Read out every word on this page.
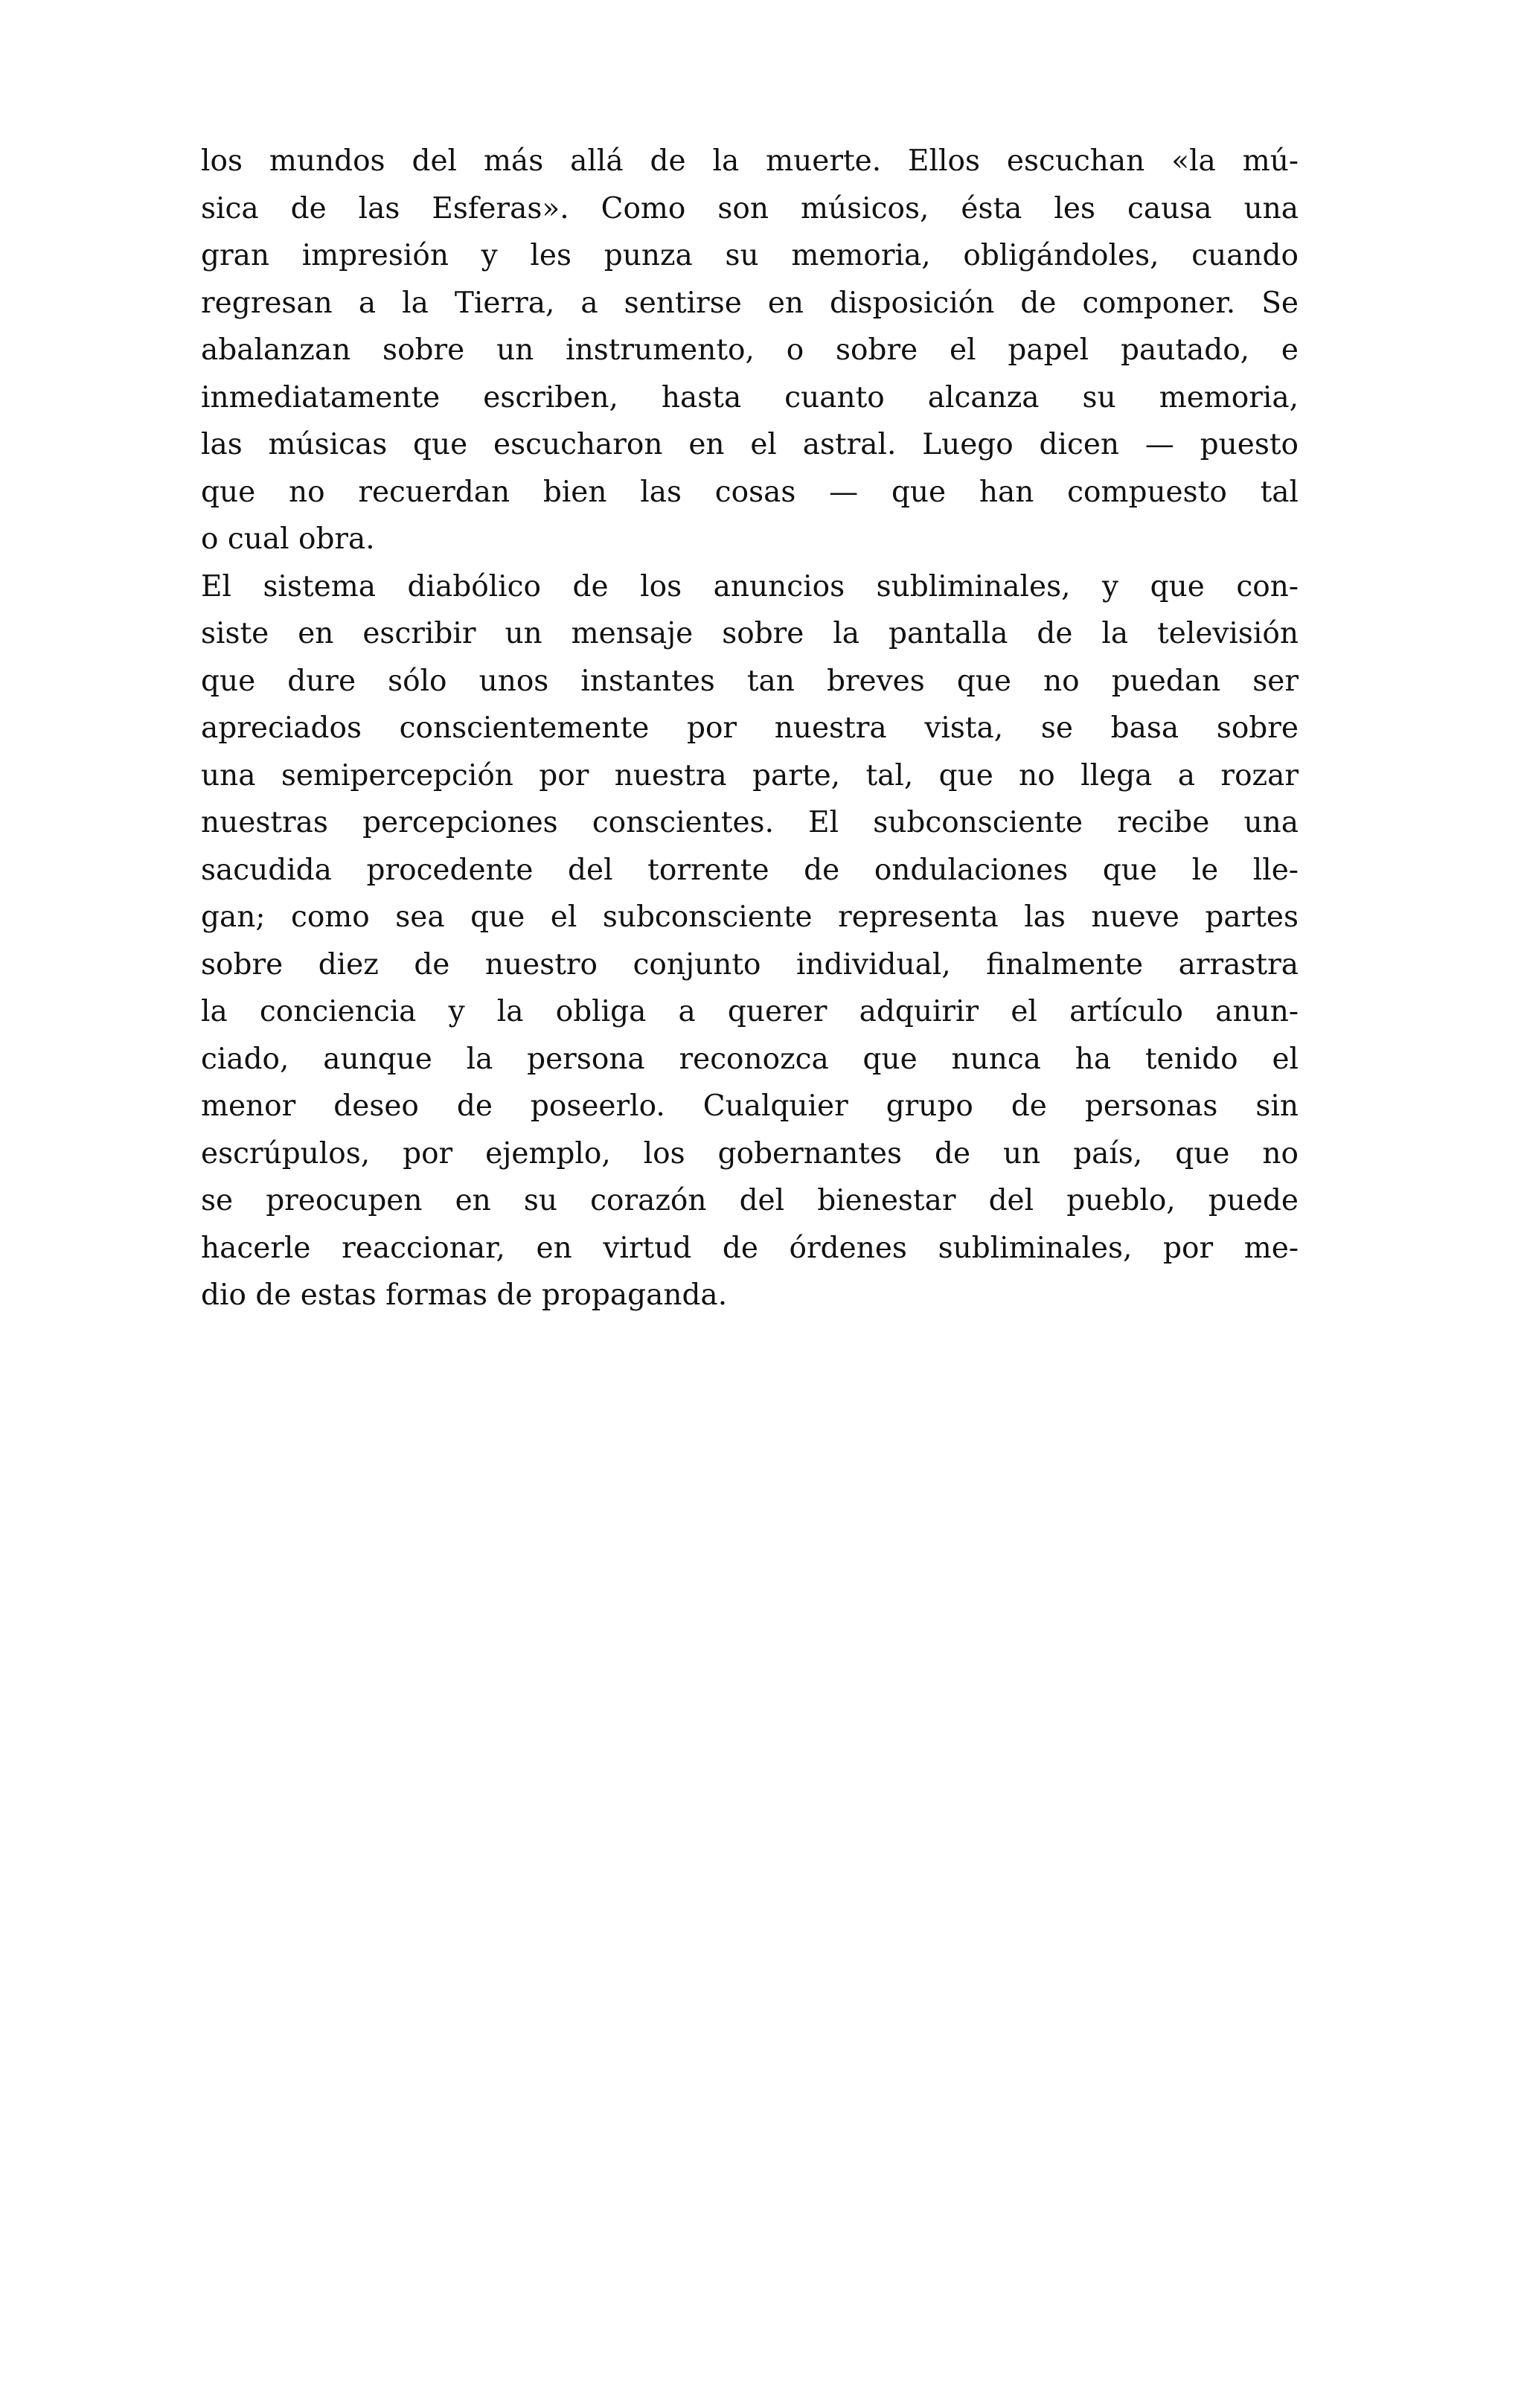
los mundos del más allá de la muerte. Ellos escuchan «la mú-
sica de las Esferas». Como son músicos, ésta les causa una
gran impresión y les punza su memoria, obligándoles, cuando
regresan a la Tierra, a sentirse en disposición de componer. Se
abalanzan sobre un instrumento, o sobre el papel pautado, e
inmediatamente escriben, hasta cuanto alcanza su memoria,
las músicas que escucharon en el astral. Luego dicen — puesto
que no recuerdan bien las cosas — que han compuesto tal
o cual obra.
El sistema diabólico de los anuncios subliminales, y que con-
siste en escribir un mensaje sobre la pantalla de la televisión
que dure sólo unos instantes tan breves que no puedan ser
apreciados conscientemente por nuestra vista, se basa sobre
una semipercepción por nuestra parte, tal, que no llega a rozar
nuestras percepciones conscientes. El subconsciente recibe una
sacudida procedente del torrente de ondulaciones que le lle-
gan; como sea que el subconsciente representa las nueve partes
sobre diez de nuestro conjunto individual, finalmente arrastra
la conciencia y la obliga a querer adquirir el artículo anun-
ciado, aunque la persona reconozca que nunca ha tenido el
menor deseo de poseerlo. Cualquier grupo de personas sin
escrúpulos, por ejemplo, los gobernantes de un país, que no
se preocupen en su corazón del bienestar del pueblo, puede
hacerle reaccionar, en virtud de órdenes subliminales, por me-
dio de estas formas de propaganda.
